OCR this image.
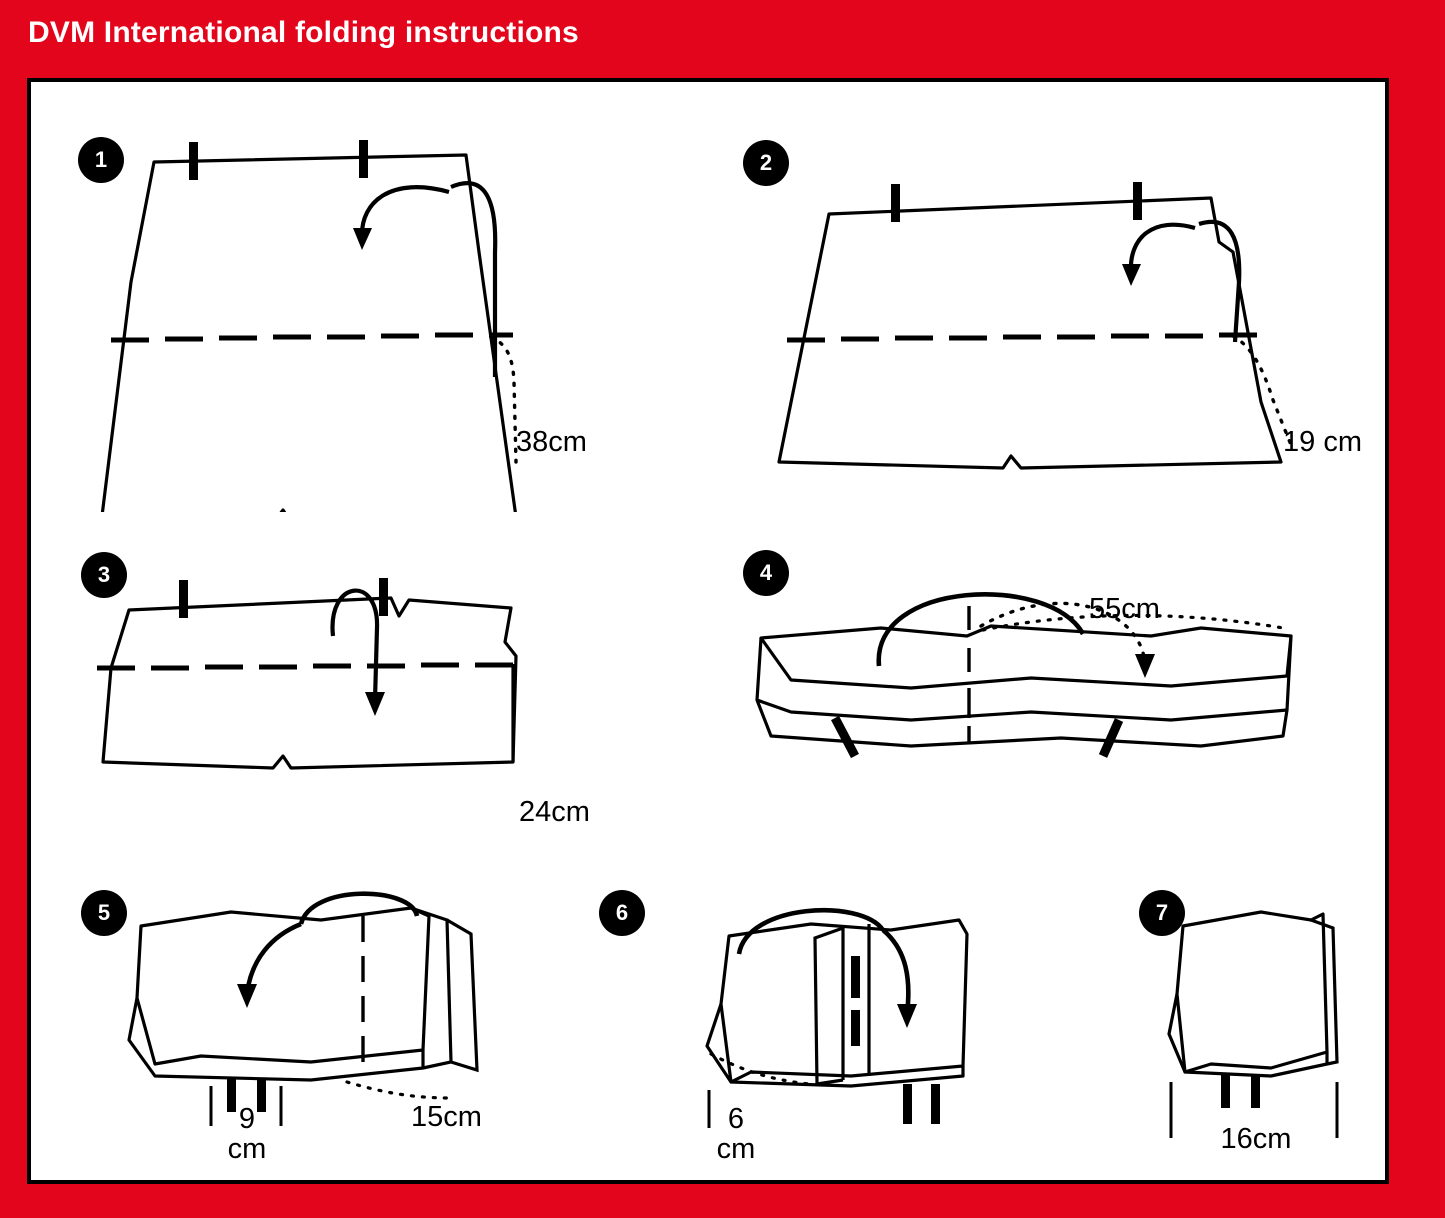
DVM International folding instructions
1
38cm
2
19 cm
3
24cm
4
55cm
5
15cm
9
cm
6
6
cm
7
16cm
